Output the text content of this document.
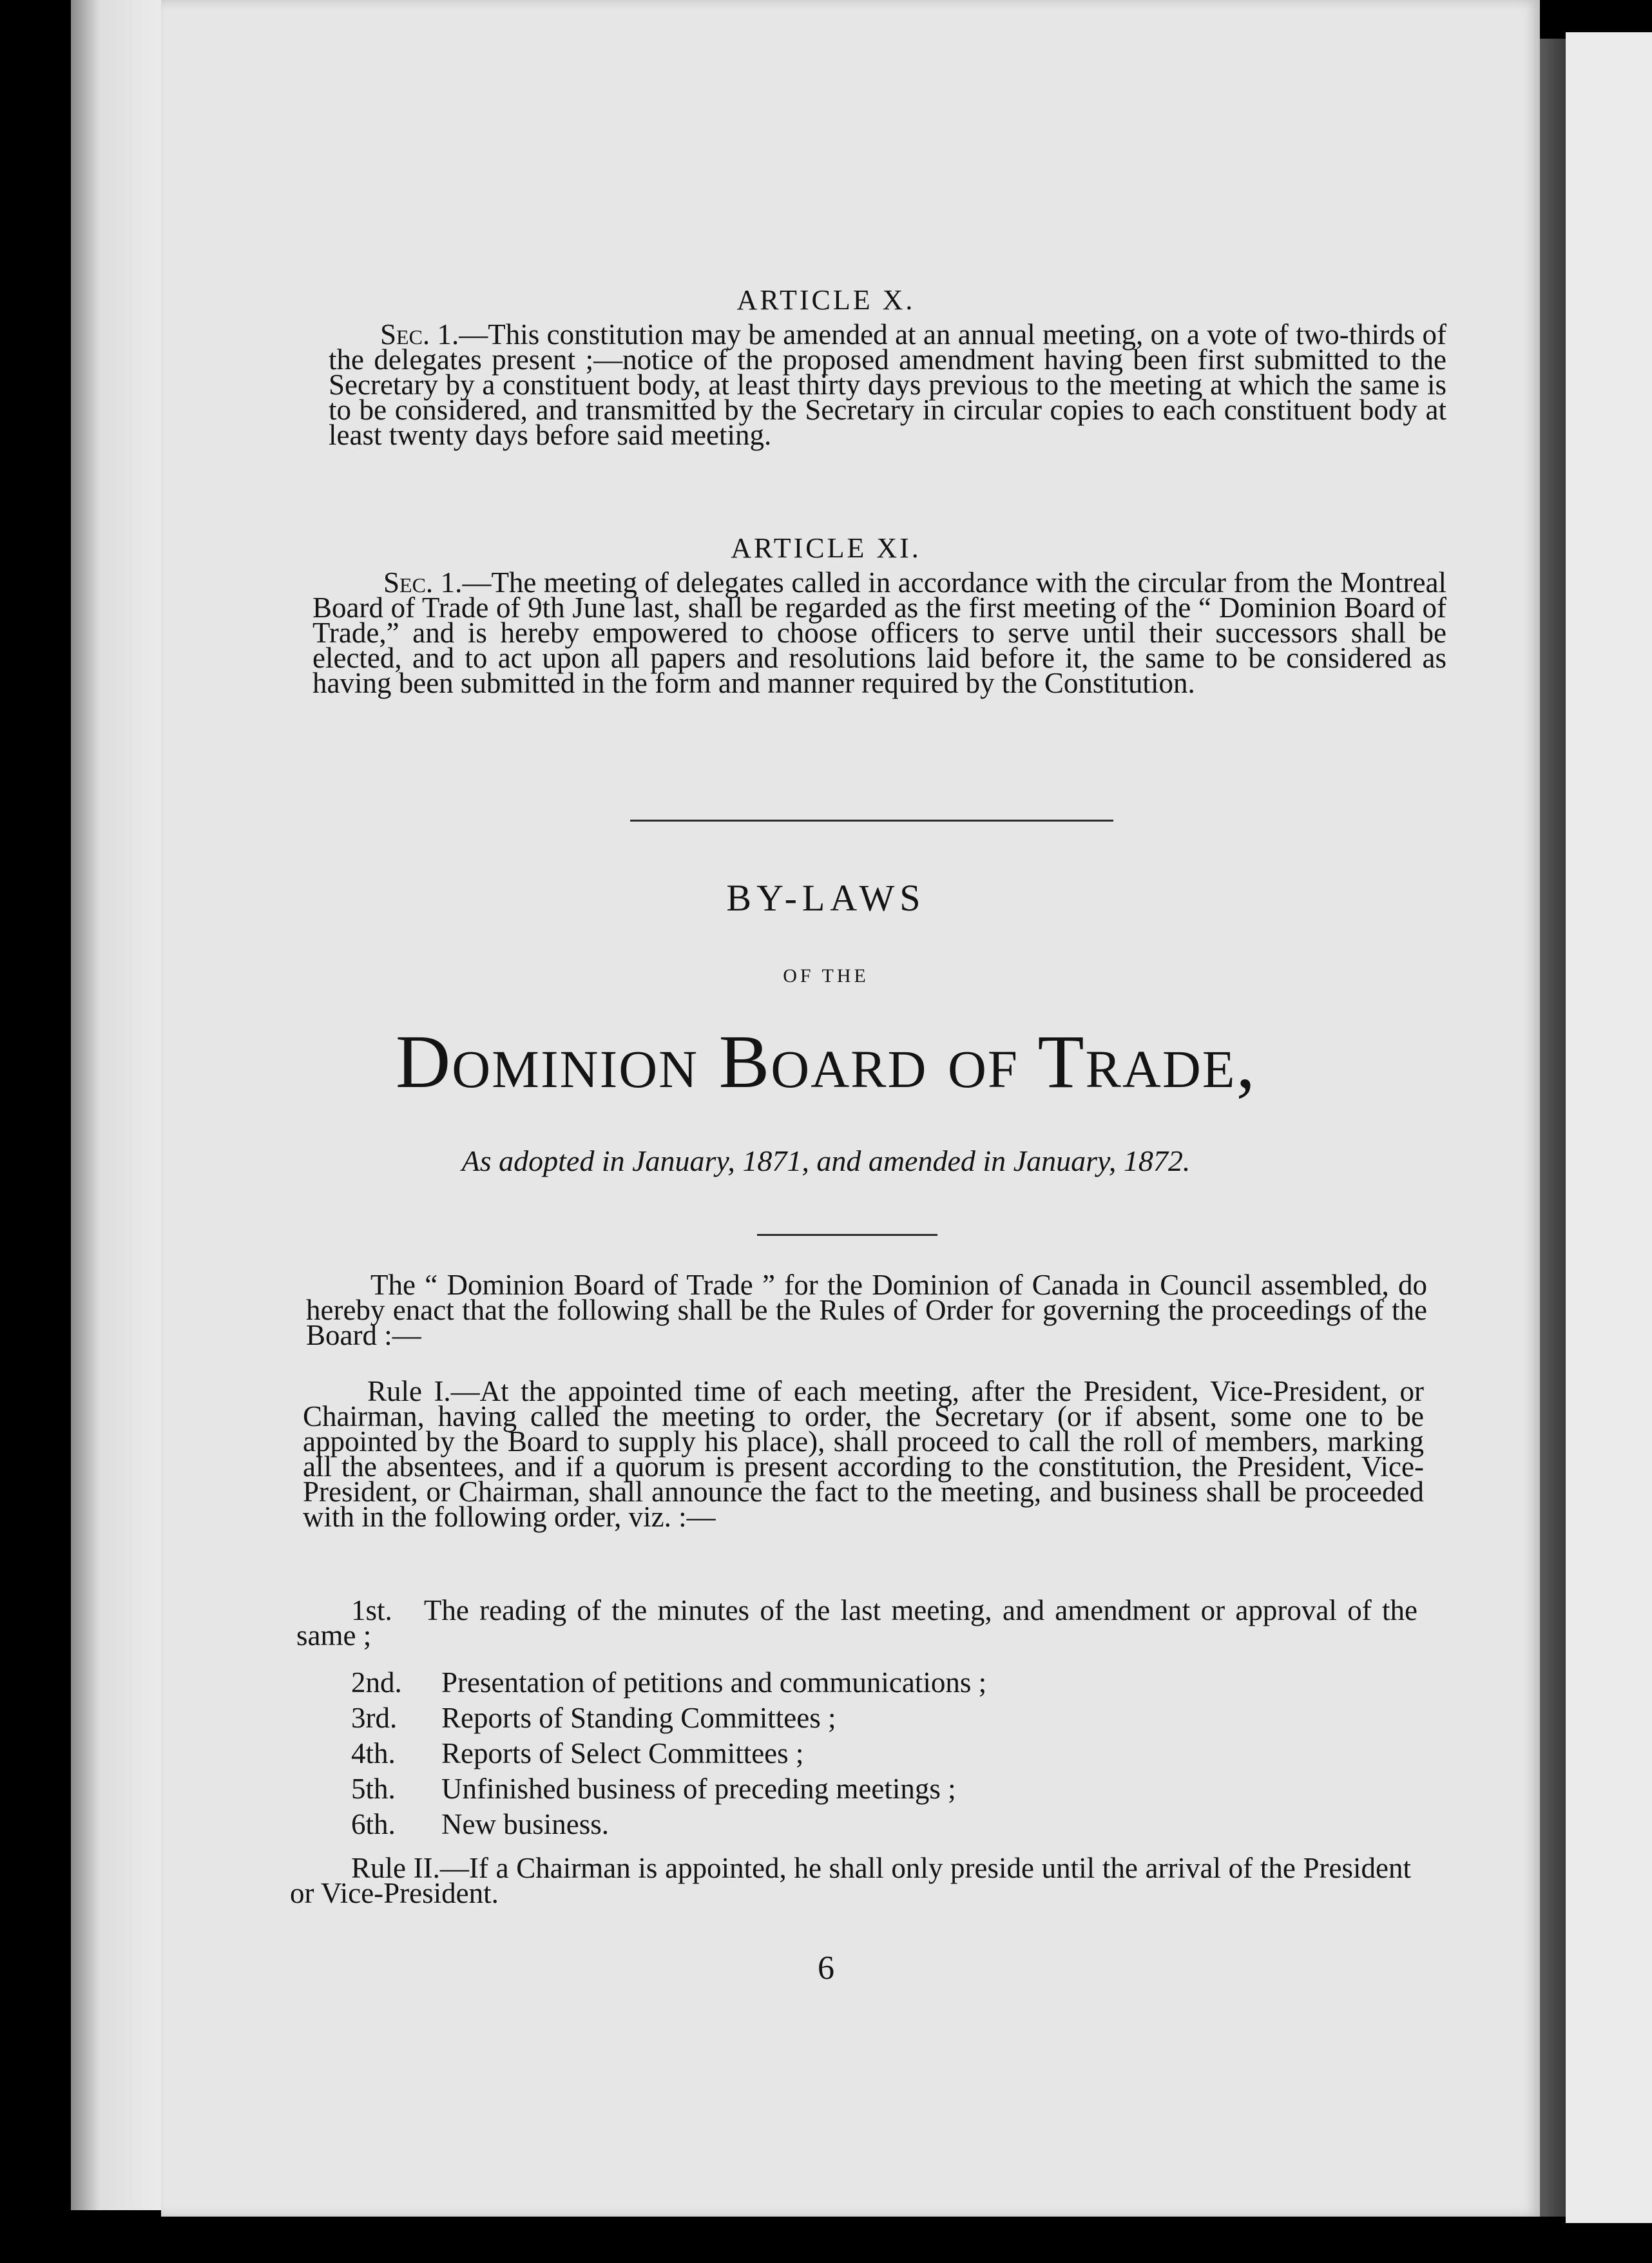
ARTICLE X.
Sec. 1.—This constitution may be amended at an annual meeting, on a vote of two-thirds of the delegates present ;—notice of the proposed amendment having been first submitted to the Secretary by a constituent body, at least thirty days previous to the meeting at which the same is to be considered, and transmitted by the Secretary in circular copies to each constituent body at least twenty days before said meeting.
ARTICLE XI.
Sec. 1.—The meeting of delegates called in accordance with the circular from the Montreal Board of Trade of 9th June last, shall be regarded as the first meeting of the “ Dominion Board of Trade,” and is hereby empowered to choose officers to serve until their successors shall be elected, and to act upon all papers and resolutions laid before it, the same to be considered as having been submitted in the form and manner required by the Constitution.
BY-LAWS
OF THE
Dominion Board of Trade,
As adopted in January, 1871, and amended in January, 1872.
The “ Dominion Board of Trade ” for the Dominion of Canada in Council assembled, do hereby enact that the following shall be the Rules of Order for governing the proceedings of the Board :—
Rule I.—At the appointed time of each meeting, after the President, Vice-President, or Chairman, having called the meeting to order, the Secretary (or if absent, some one to be appointed by the Board to supply his place), shall proceed to call the roll of members, marking all the absentees, and if a quorum is present according to the constitution, the President, Vice-President, or Chairman, shall announce the fact to the meeting, and business shall be proceeded with in the following order, viz. :—
1st. The reading of the minutes of the last meeting, and amendment or approval of the same ;
2nd. Presentation of petitions and communications ;
3rd. Reports of Standing Committees ;
4th. Reports of Select Committees ;
5th. Unfinished business of preceding meetings ;
6th. New business.
Rule II.—If a Chairman is appointed, he shall only preside until the arrival of the President or Vice-President.
6
